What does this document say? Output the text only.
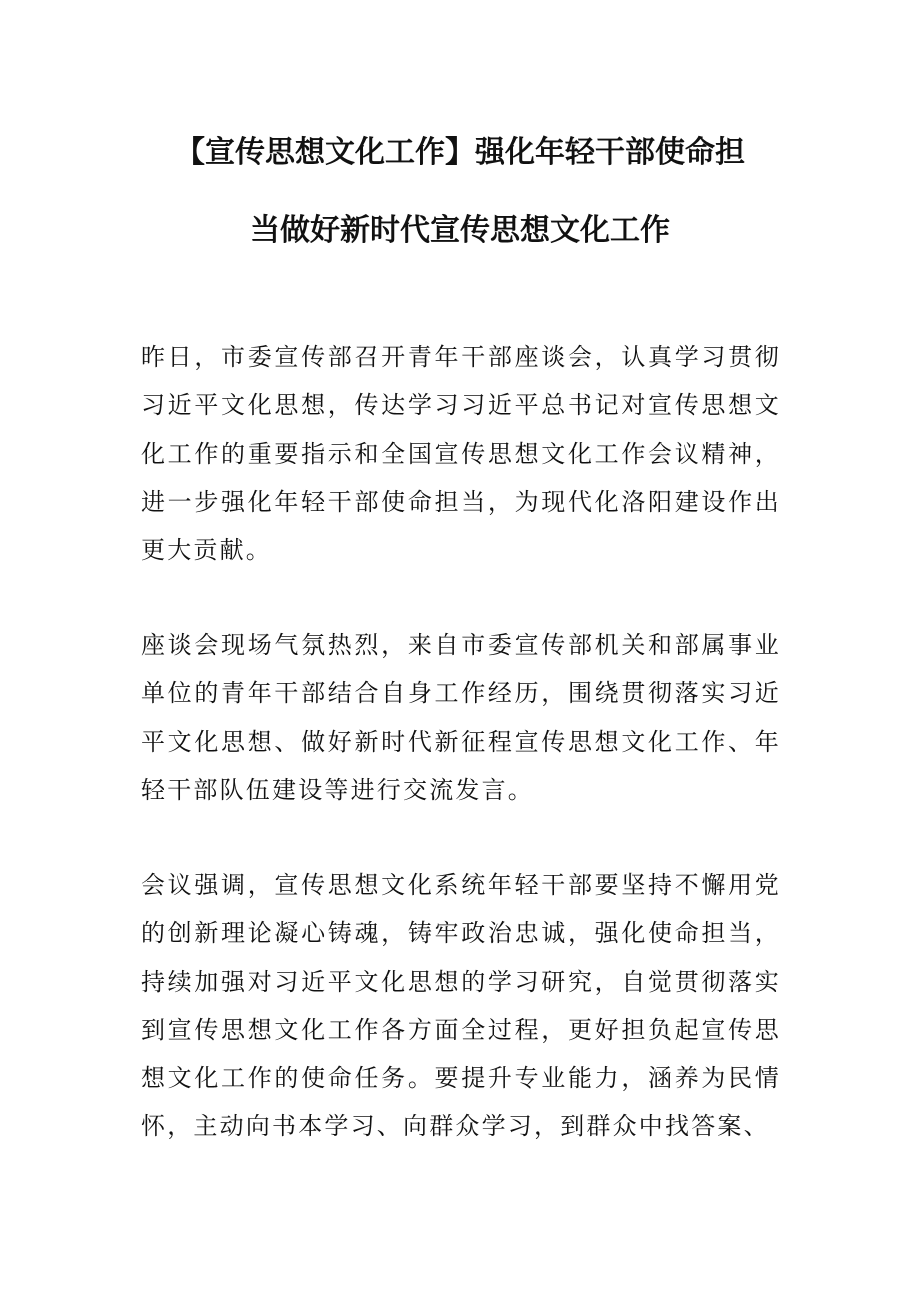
【宣传思想文化工作】强化年轻干部使命担
当做好新时代宣传思想文化工作

昨日，市委宣传部召开青年干部座谈会，认真学习贯彻习近平文化思想，传达学习习近平总书记对宣传思想文化工作的重要指示和全国宣传思想文化工作会议精神，进一步强化年轻干部使命担当，为现代化洛阳建设作出更大贡献。

座谈会现场气氛热烈，来自市委宣传部机关和部属事业单位的青年干部结合自身工作经历，围绕贯彻落实习近平文化思想、做好新时代新征程宣传思想文化工作、年轻干部队伍建设等进行交流发言。

会议强调，宣传思想文化系统年轻干部要坚持不懈用党的创新理论凝心铸魂，铸牢政治忠诚，强化使命担当，持续加强对习近平文化思想的学习研究，自觉贯彻落实到宣传思想文化工作各方面全过程，更好担负起宣传思想文化工作的使命任务。要提升专业能力，涵养为民情怀，主动向书本学习、向群众学习，到群众中找答案、
